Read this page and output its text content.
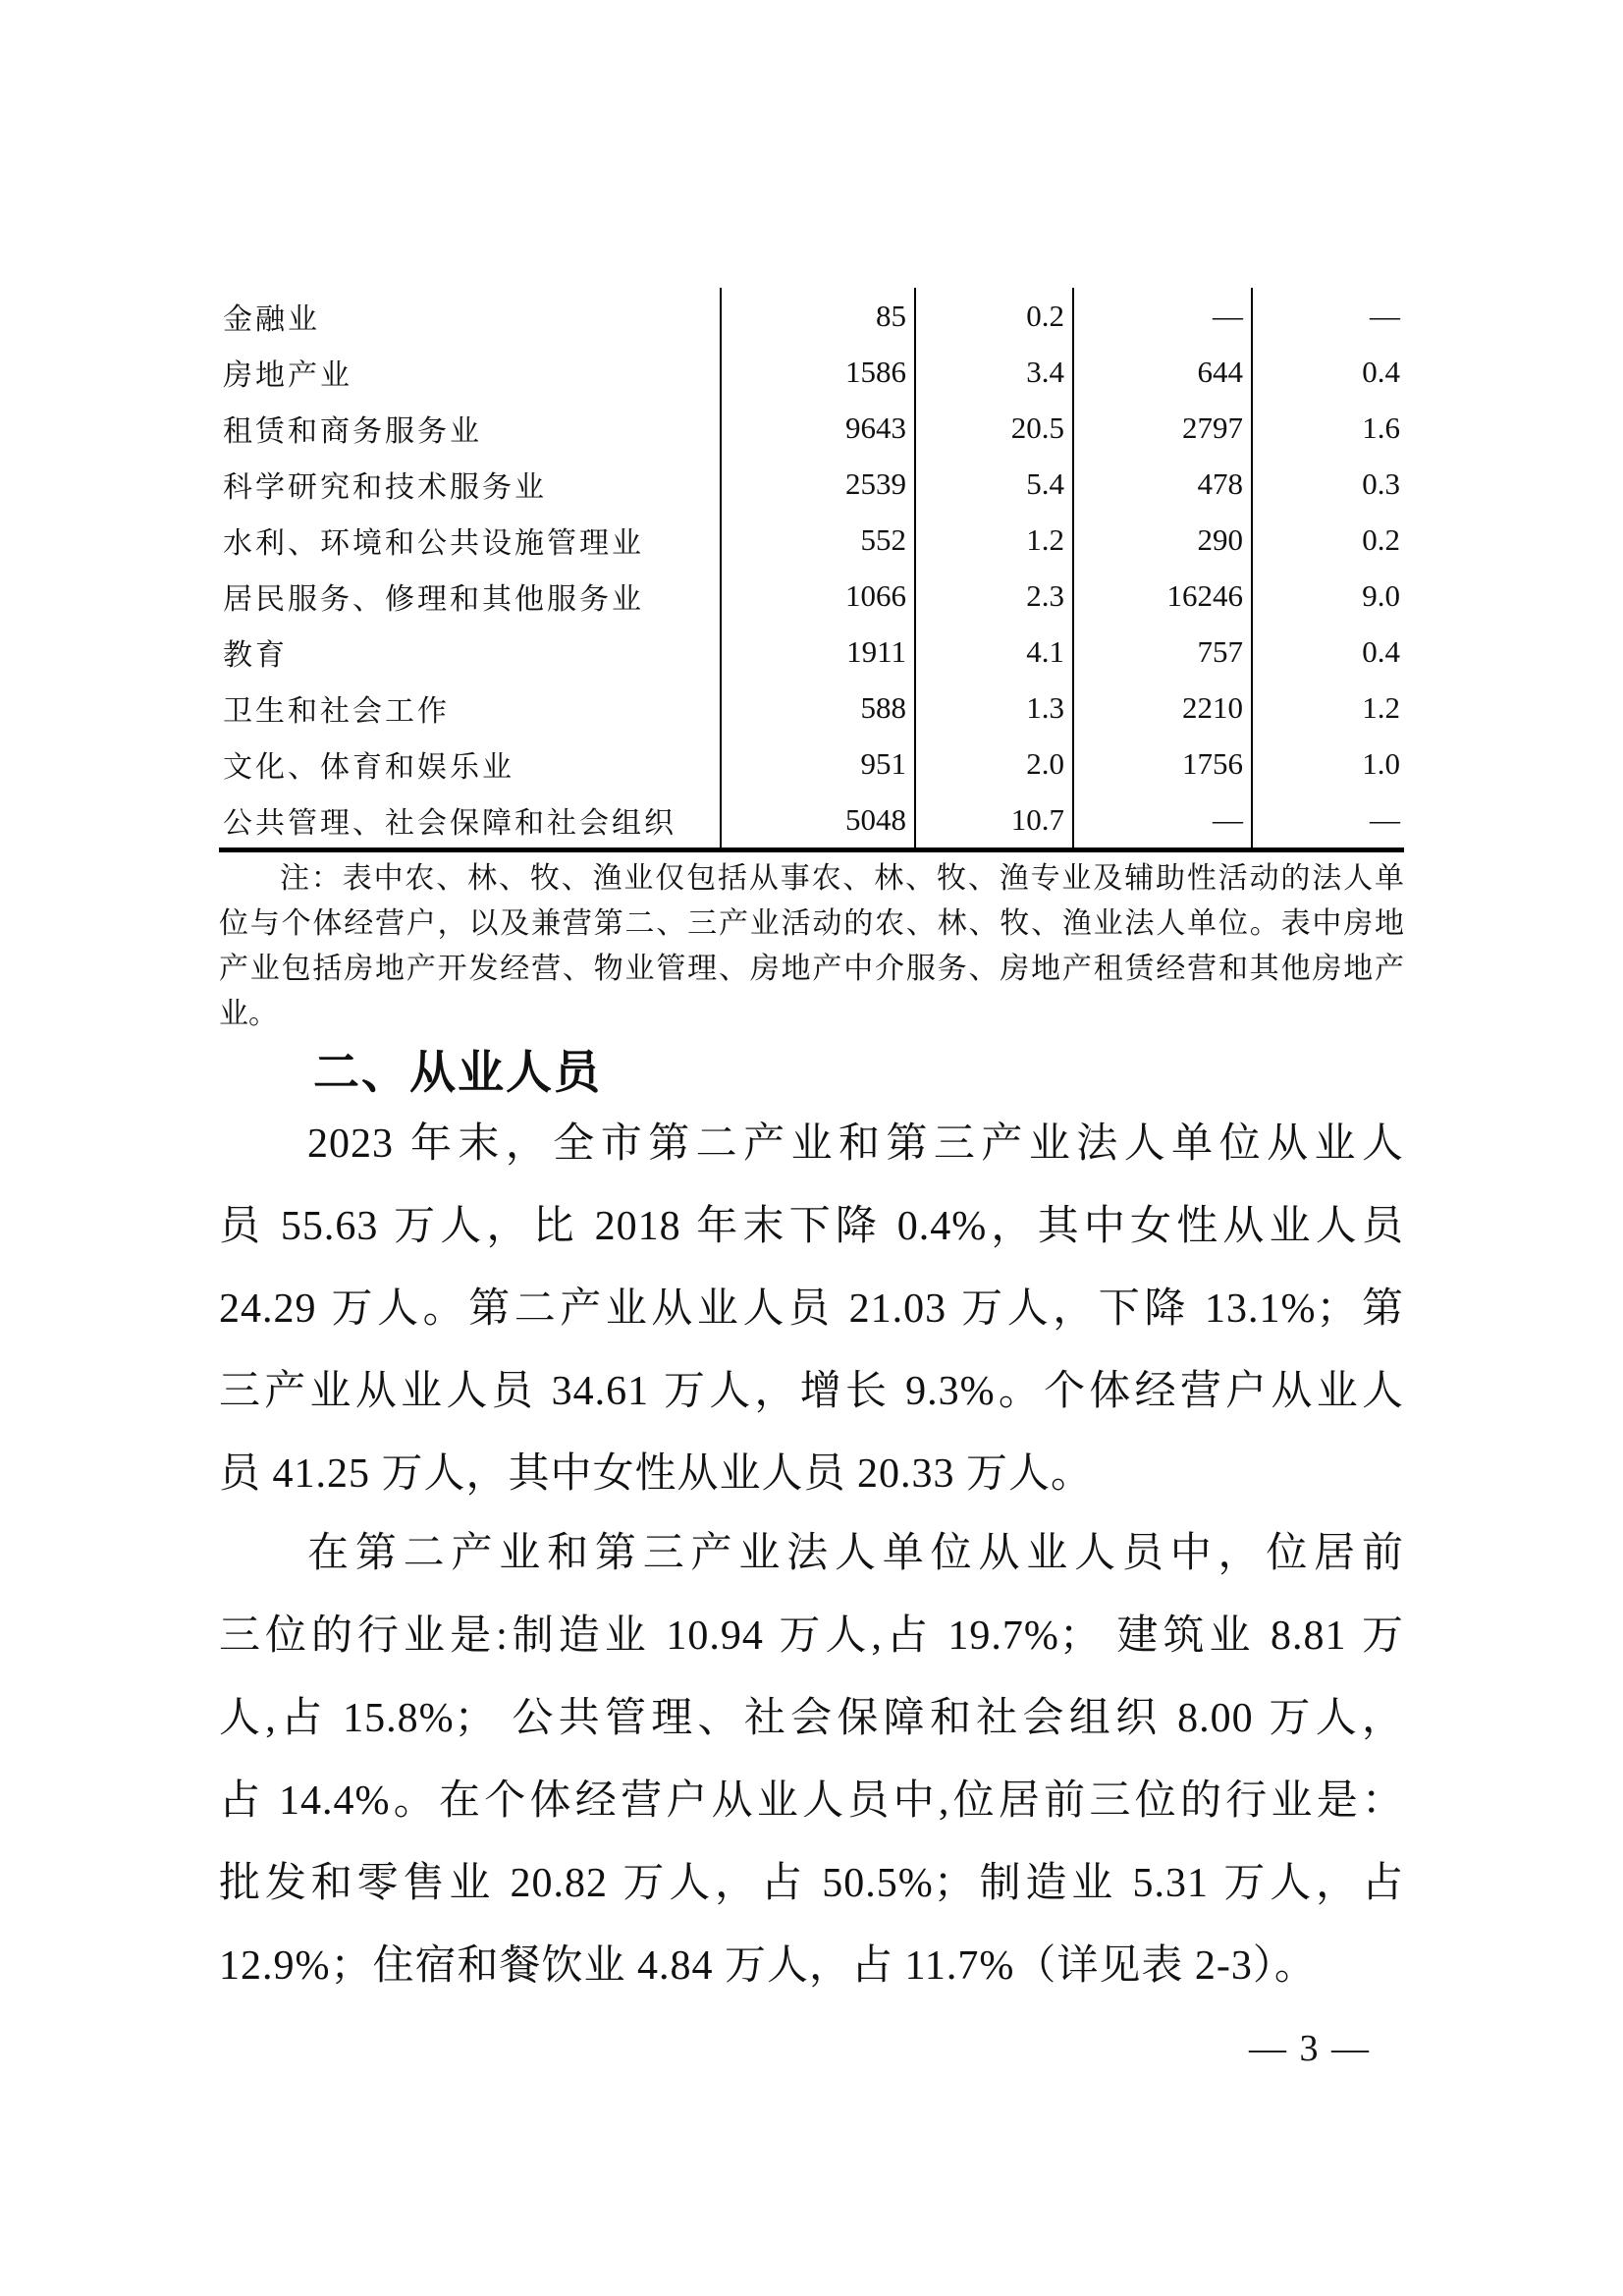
金融业	85	0.2	—	—
房地产业	1586	3.4	644	0.4
租赁和商务服务业	9643	20.5	2797	1.6
科学研究和技术服务业	2539	5.4	478	0.3
水利、环境和公共设施管理业	552	1.2	290	0.2
居民服务、修理和其他服务业	1066	2.3	16246	9.0
教育	1911	4.1	757	0.4
卫生和社会工作	588	1.3	2210	1.2
文化、体育和娱乐业	951	2.0	1756	1.0
公共管理、社会保障和社会组织	5048	10.7	—	—
注：表中农、林、牧、渔业仅包括从事农、林、牧、渔专业及辅助性活动的法人单
位与个体经营户，以及兼营第二、三产业活动的农、林、牧、渔业法人单位。表中房地
产业包括房地产开发经营、物业管理、房地产中介服务、房地产租赁经营和其他房地产
业。
二、从业人员
2023 年末，全市第二产业和第三产业法人单位从业人
员 55.63 万人，比 2018 年末下降 0.4%，其中女性从业人员
24.29 万人。第二产业从业人员 21.03 万人，下降 13.1%；第
三产业从业人员 34.61 万人，增长 9.3%。个体经营户从业人
员 41.25 万人，其中女性从业人员 20.33 万人。
在第二产业和第三产业法人单位从业人员中，位居前
三位的行业是:制造业 10.94 万人,占 19.7%； 建筑业 8.81 万
人,占 15.8%； 公共管理、社会保障和社会组织 8.00 万人，
占 14.4%。在个体经营户从业人员中,位居前三位的行业是：
批发和零售业 20.82 万人，占 50.5%；制造业 5.31 万人，占
12.9%；住宿和餐饮业 4.84 万人，占 11.7%（详见表 2-3）。
— 3 —
